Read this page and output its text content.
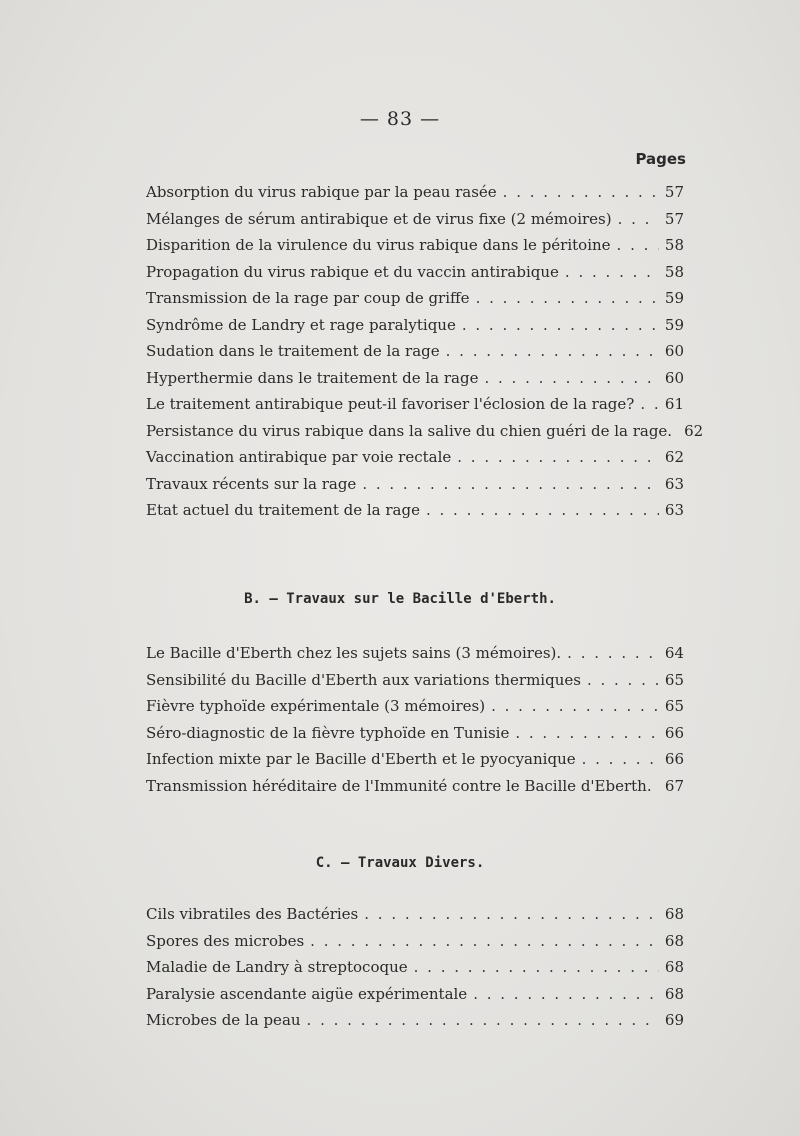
— 83 —
Pages
Absorption du virus rabique par la peau rasée . . .	57
Mélanges de sérum antirabique et de virus fixe (2 mémoires) . . .	57
Disparition de la virulence du virus rabique dans le péritoine . . .	58
Propagation du virus rabique et du vaccin antirabique . . .	58
Transmission de la rage par coup de griffe . . .	59
Syndrôme de Landry et rage paralytique . . .	59
Sudation dans le traitement de la rage . . .	60
Hyperthermie dans le traitement de la rage . . .	60
Le traitement antirabique peut-il favoriser l'éclosion de la rage? . . . 61
Persistance du virus rabique dans la salive du chien guéri de la rage. 62
Vaccination antirabique par voie rectale . . .	62
Travaux récents sur la rage . . .	63
Etat actuel du traitement de la rage . . .	63
B. — Travaux sur le Bacille d'Eberth.
Le Bacille d'Eberth chez les sujets sains (3 mémoires). . . .	64
Sensibilité du Bacille d'Eberth aux variations thermiques . . .	65
Fièvre typhoïde expérimentale (3 mémoires) . . .	65
Séro-diagnostic de la fièvre typhoïde en Tunisie . . .	66
Infection mixte par le Bacille d'Eberth et le pyocyanique . . .	66
Transmission héréditaire de l'Immunité contre le Bacille d'Eberth. . . . 67
C. — Travaux Divers.
Cils vibratiles des Bactéries . . .	68
Spores des microbes . . .	68
Maladie de Landry à streptocoque . . .	68
Paralysie ascendante aigüe expérimentale . . .	68
Microbes de la peau . . .	69
